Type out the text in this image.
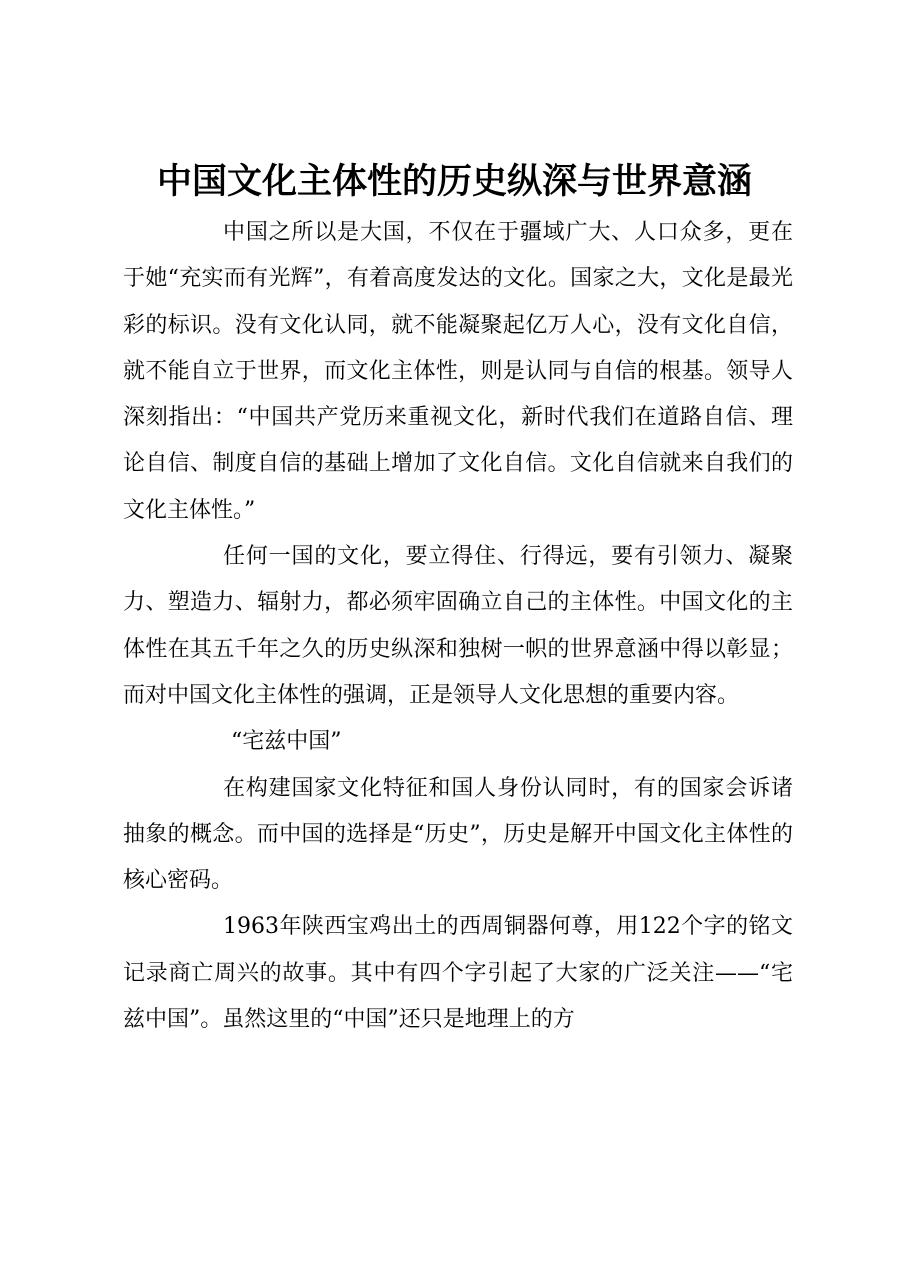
中国文化主体性的历史纵深与世界意涵

中国之所以是大国，不仅在于疆域广大、人口众多，更在于她“充实而有光辉”，有着高度发达的文化。国家之大，文化是最光彩的标识。没有文化认同，就不能凝聚起亿万人心，没有文化自信，就不能自立于世界，而文化主体性，则是认同与自信的根基。领导人深刻指出：“中国共产党历来重视文化，新时代我们在道路自信、理论自信、制度自信的基础上增加了文化自信。文化自信就来自我们的文化主体性。”

任何一国的文化，要立得住、行得远，要有引领力、凝聚力、塑造力、辐射力，都必须牢固确立自己的主体性。中国文化的主体性在其五千年之久的历史纵深和独树一帜的世界意涵中得以彰显；而对中国文化主体性的强调，正是领导人文化思想的重要内容。

“宅兹中国”

在构建国家文化特征和国人身份认同时，有的国家会诉诸抽象的概念。而中国的选择是“历史”，历史是解开中国文化主体性的核心密码。

1963年陕西宝鸡出土的西周铜器何尊，用122个字的铭文记录商亡周兴的故事。其中有四个字引起了大家的广泛关注——“宅兹中国”。虽然这里的“中国”还只是地理上的方
